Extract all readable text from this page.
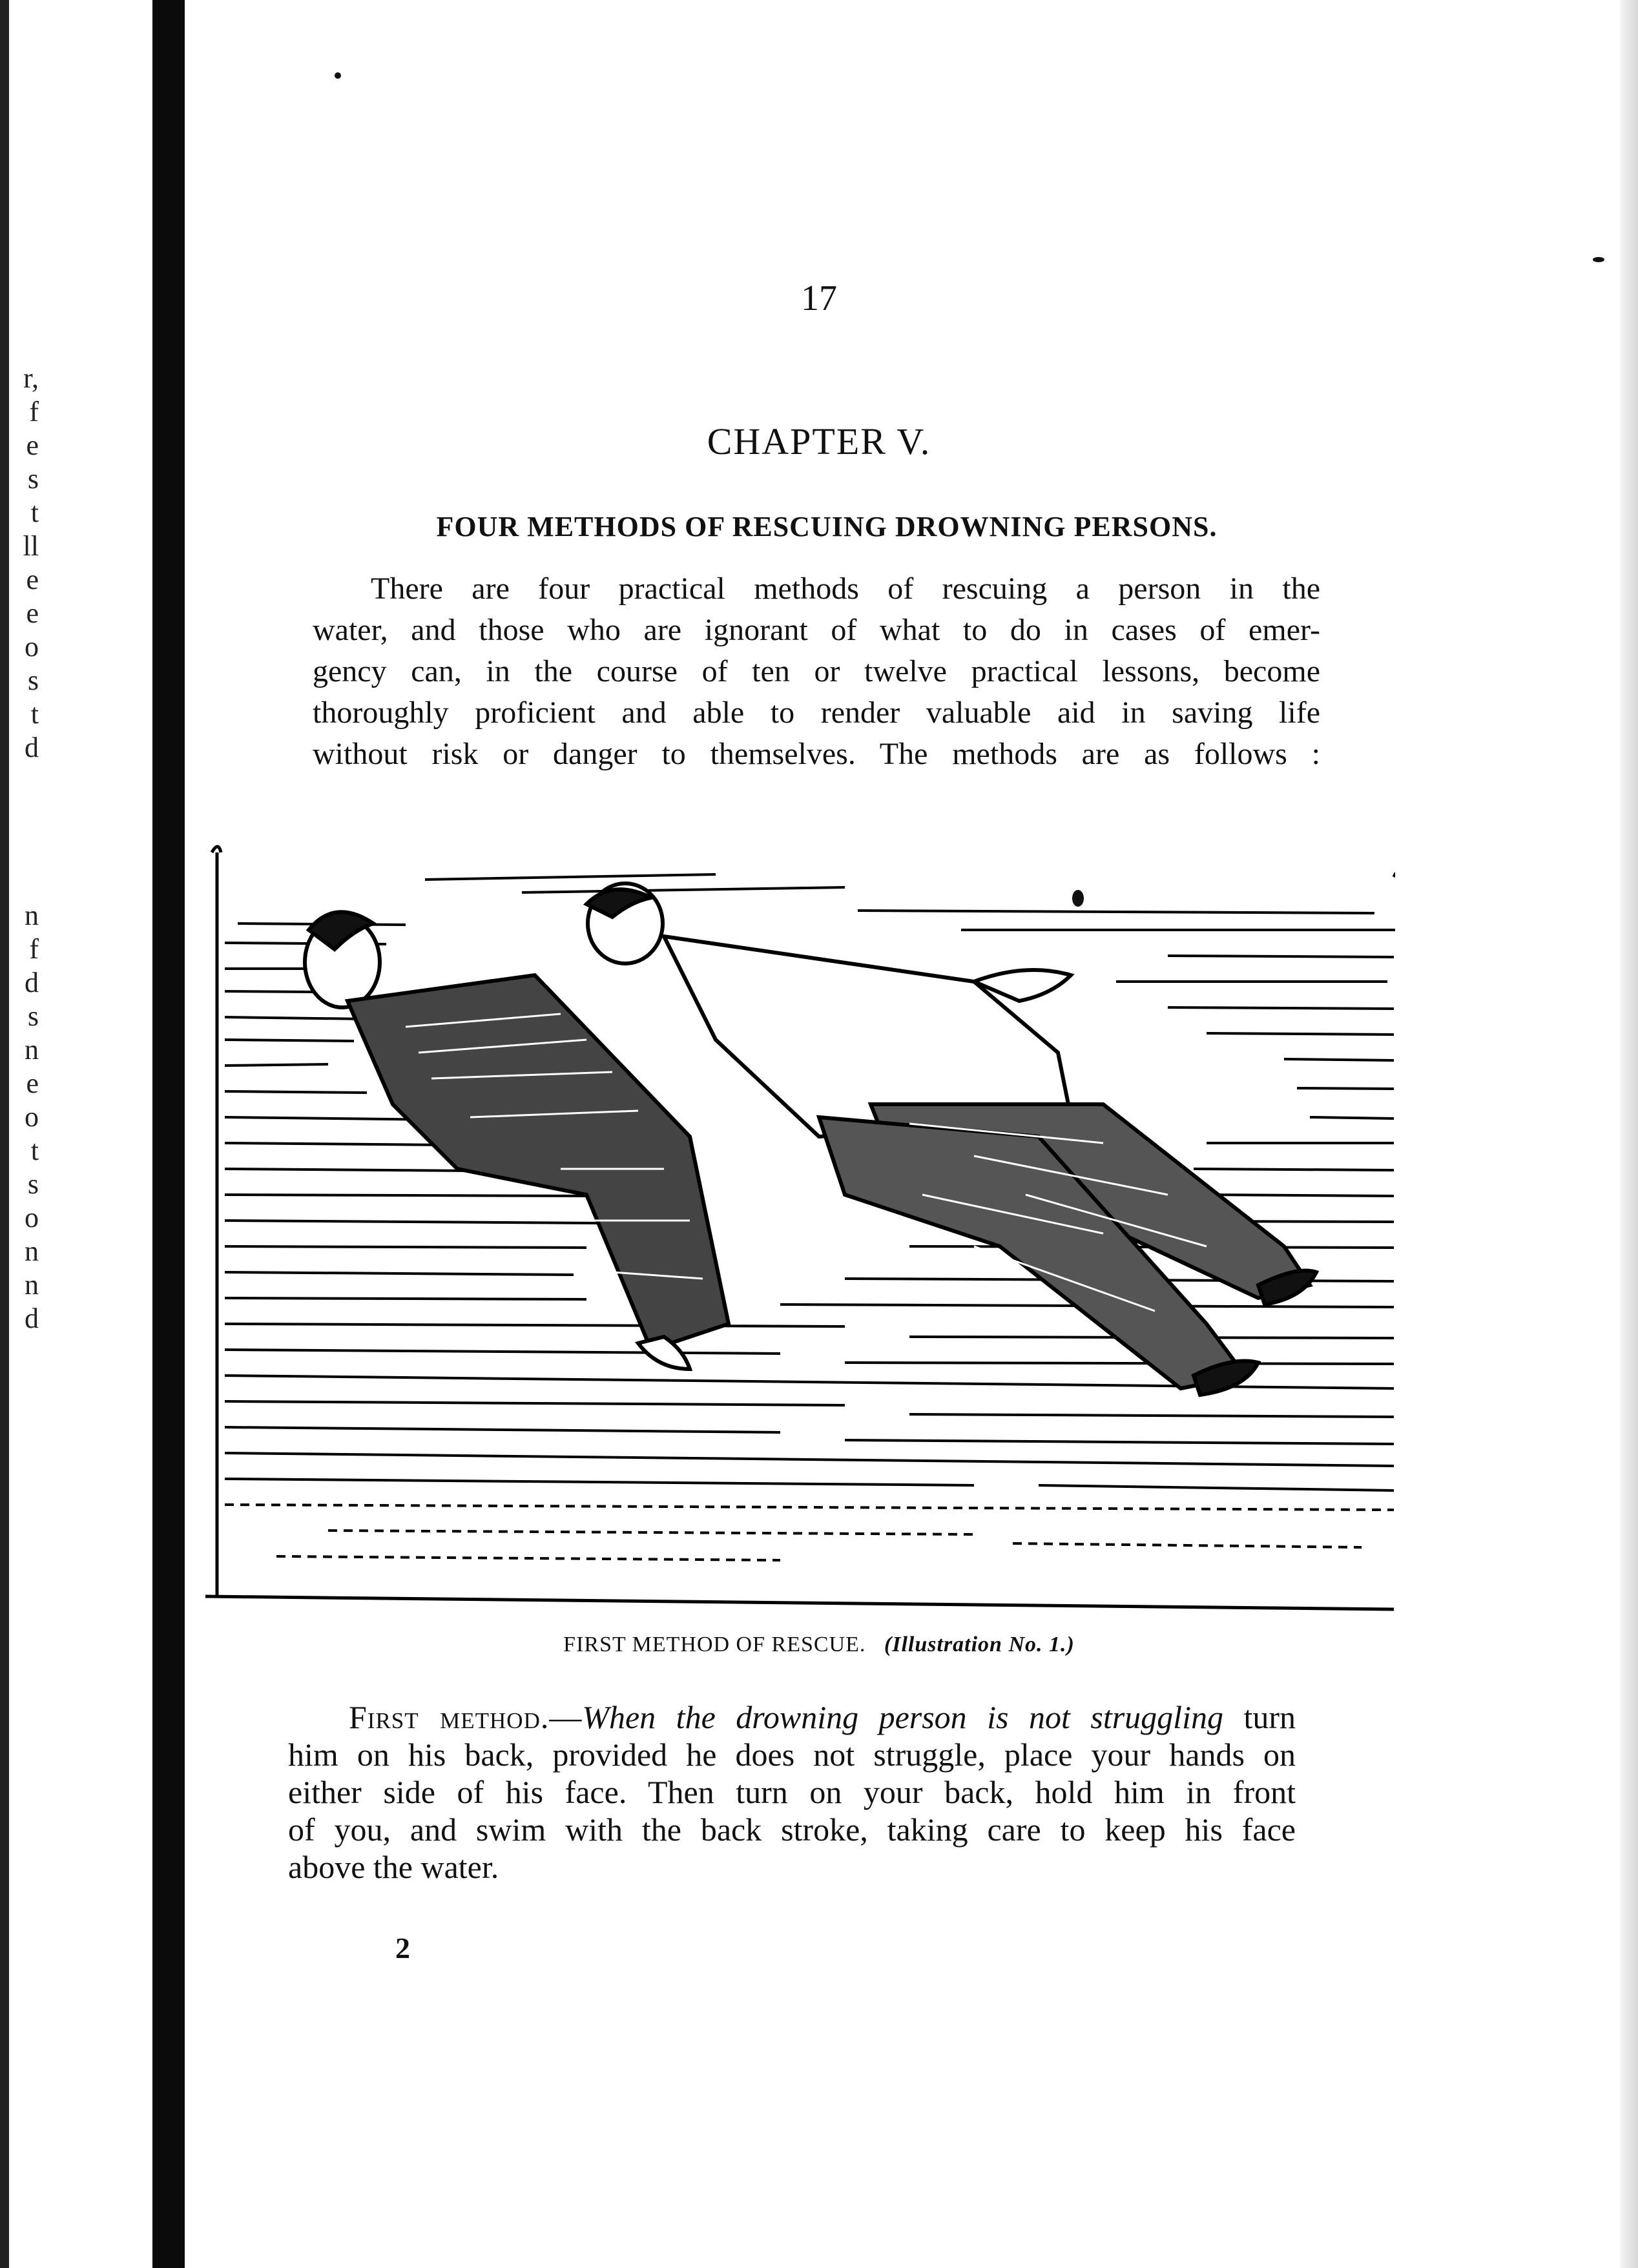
r,
f
e
s
t
ll
e
e
o
s
t
d

n
f
d
s
n
e
o
t
s
o
n
n
d
17
CHAPTER V.
FOUR METHODS OF RESCUING DROWNING PERSONS.
There are four practical methods of rescuing a person in the
water, and those who are ignorant of what to do in cases of emer-
gency can, in the course of ten or twelve practical lessons, become
thoroughly proficient and able to render valuable aid in saving life
without risk or danger to themselves. The methods are as follows :
FIRST METHOD OF RESCUE. (Illustration No. 1.)
First method.—When the drowning person is not struggling turn
him on his back, provided he does not struggle, place your hands on
either side of his face. Then turn on your back, hold him in front
of you, and swim with the back stroke, taking care to keep his face
above the water.
2
